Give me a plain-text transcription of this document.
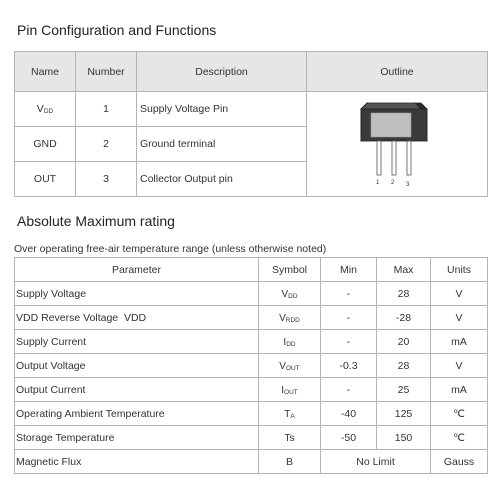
Pin Configuration and Functions
Name	Number	Description	Outline
$V_{DD}$	1	Supply Voltage Pin	1 2 3

GND	2	Ground terminal	
OUT	3	Collector Output pin	
Absolute Maximum rating
Over operating free-air temperature range (unless otherwise noted)
Parameter	Symbol	Min	Max	Units
Supply Voltage	$V_{DD}$	-	28	V
VDD Reverse Voltage  VDD	$V_{RDD}$	-	-28	V
Supply Current	$I_{DD}$	-	20	mA
Output Voltage	$V_{OUT}$	-0.3	28	V
Output Current	$I_{OUT}$	-	25	mA
Operating Ambient Temperature	$T_A$	-40	125	℃
Storage Temperature	Ts	-50	150	℃
Magnetic Flux	B	No Limit		Gauss
